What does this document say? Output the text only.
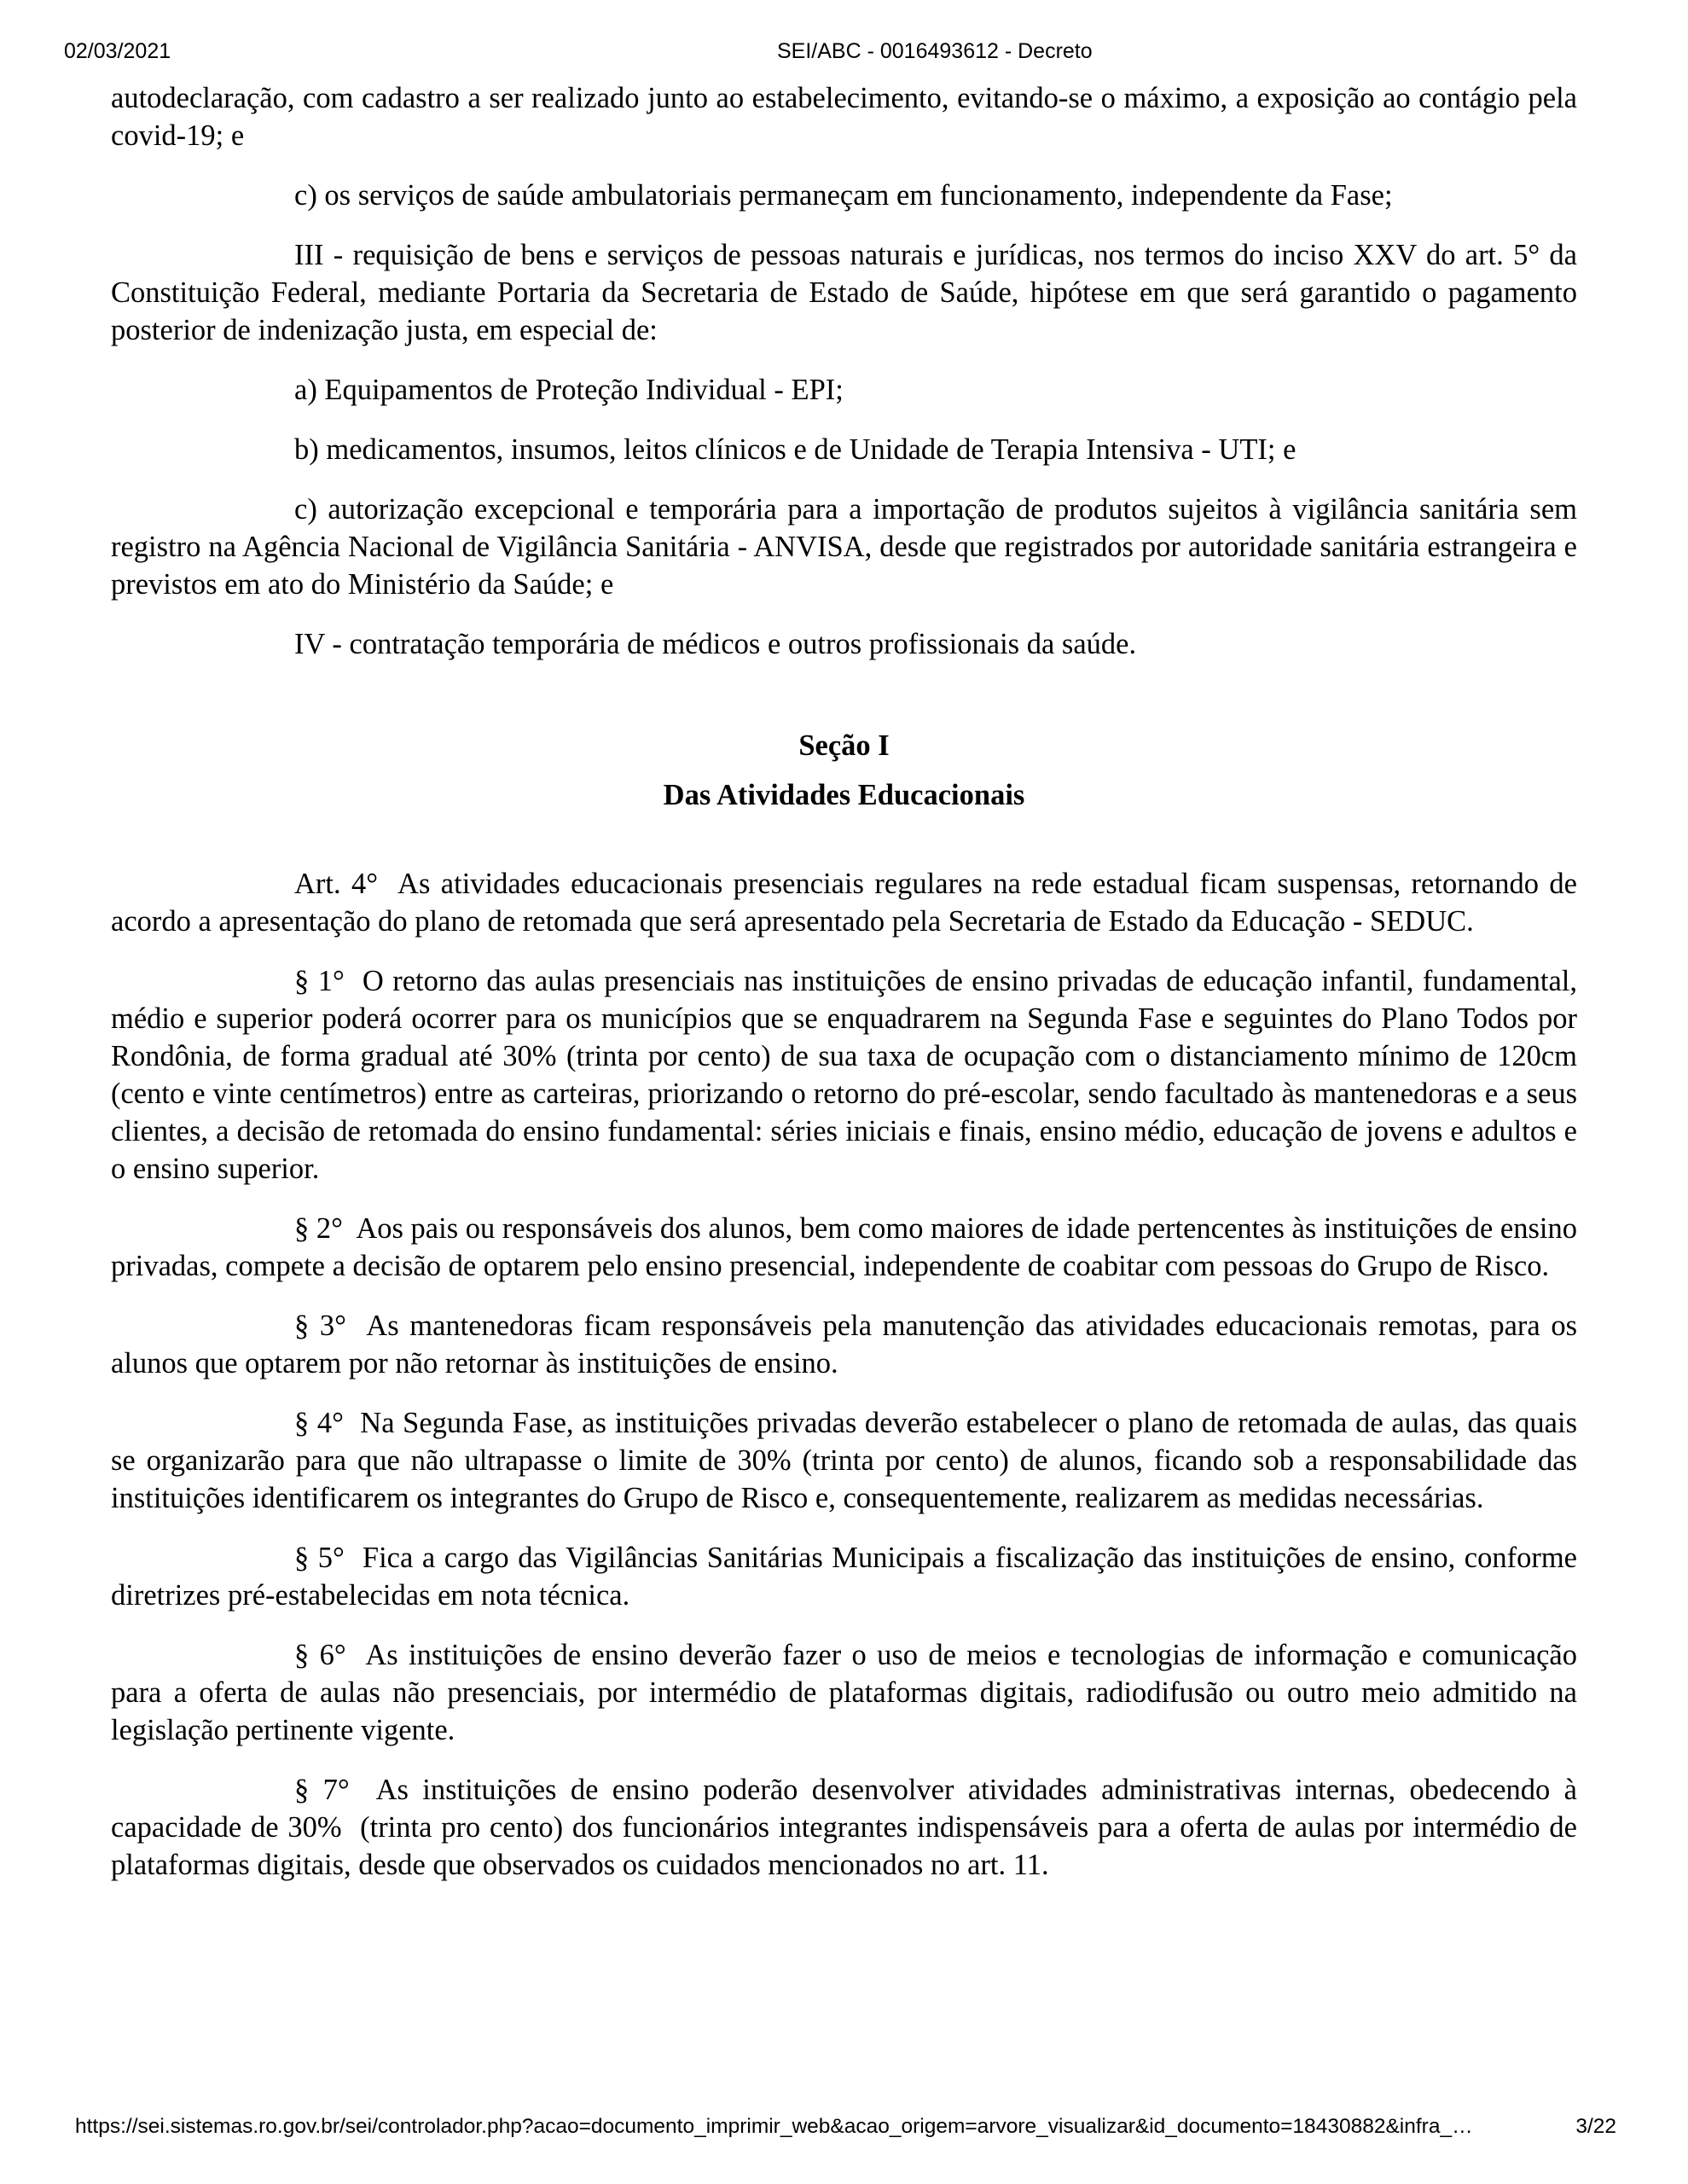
02/03/2021	SEI/ABC - 0016493612 - Decreto

autodeclaração, com cadastro a ser realizado junto ao estabelecimento, evitando-se o máximo, a exposição ao contágio pela covid-19; e

c) os serviços de saúde ambulatoriais permaneçam em funcionamento, independente da Fase;

III - requisição de bens e serviços de pessoas naturais e jurídicas, nos termos do inciso XXV do art. 5° da Constituição Federal, mediante Portaria da Secretaria de Estado de Saúde, hipótese em que será garantido o pagamento posterior de indenização justa, em especial de:

a) Equipamentos de Proteção Individual - EPI;

b) medicamentos, insumos, leitos clínicos e de Unidade de Terapia Intensiva - UTI; e

c) autorização excepcional e temporária para a importação de produtos sujeitos à vigilância sanitária sem registro na Agência Nacional de Vigilância Sanitária - ANVISA, desde que registrados por autoridade sanitária estrangeira e previstos em ato do Ministério da Saúde; e

IV - contratação temporária de médicos e outros profissionais da saúde.

Seção I

Das Atividades Educacionais

Art. 4°  As atividades educacionais presenciais regulares na rede estadual ficam suspensas, retornando de acordo a apresentação do plano de retomada que será apresentado pela Secretaria de Estado da Educação - SEDUC.

§ 1°  O retorno das aulas presenciais nas instituições de ensino privadas de educação infantil, fundamental, médio e superior poderá ocorrer para os municípios que se enquadrarem na Segunda Fase e seguintes do Plano Todos por Rondônia, de forma gradual até 30% (trinta por cento) de sua taxa de ocupação com o distanciamento mínimo de 120cm (cento e vinte centímetros) entre as carteiras, priorizando o retorno do pré-escolar, sendo facultado às mantenedoras e a seus clientes, a decisão de retomada do ensino fundamental: séries iniciais e finais, ensino médio, educação de jovens e adultos e o ensino superior.

§ 2°  Aos pais ou responsáveis dos alunos, bem como maiores de idade pertencentes às instituições de ensino privadas, compete a decisão de optarem pelo ensino presencial, independente de coabitar com pessoas do Grupo de Risco.

§ 3°  As mantenedoras ficam responsáveis pela manutenção das atividades educacionais remotas, para os alunos que optarem por não retornar às instituições de ensino.

§ 4°  Na Segunda Fase, as instituições privadas deverão estabelecer o plano de retomada de aulas, das quais se organizarão para que não ultrapasse o limite de 30% (trinta por cento) de alunos, ficando sob a responsabilidade das instituições identificarem os integrantes do Grupo de Risco e, consequentemente, realizarem as medidas necessárias.

§ 5°  Fica a cargo das Vigilâncias Sanitárias Municipais a fiscalização das instituições de ensino, conforme diretrizes pré-estabelecidas em nota técnica.

§ 6°  As instituições de ensino deverão fazer o uso de meios e tecnologias de informação e comunicação para a oferta de aulas não presenciais, por intermédio de plataformas digitais, radiodifusão ou outro meio admitido na legislação pertinente vigente.

§ 7°  As instituições de ensino poderão desenvolver atividades administrativas internas, obedecendo à capacidade de 30%  (trinta pro cento) dos funcionários integrantes indispensáveis para a oferta de aulas por intermédio de plataformas digitais, desde que observados os cuidados mencionados no art. 11.

https://sei.sistemas.ro.gov.br/sei/controlador.php?acao=documento_imprimir_web&acao_origem=arvore_visualizar&id_documento=18430882&infra_…	3/22
